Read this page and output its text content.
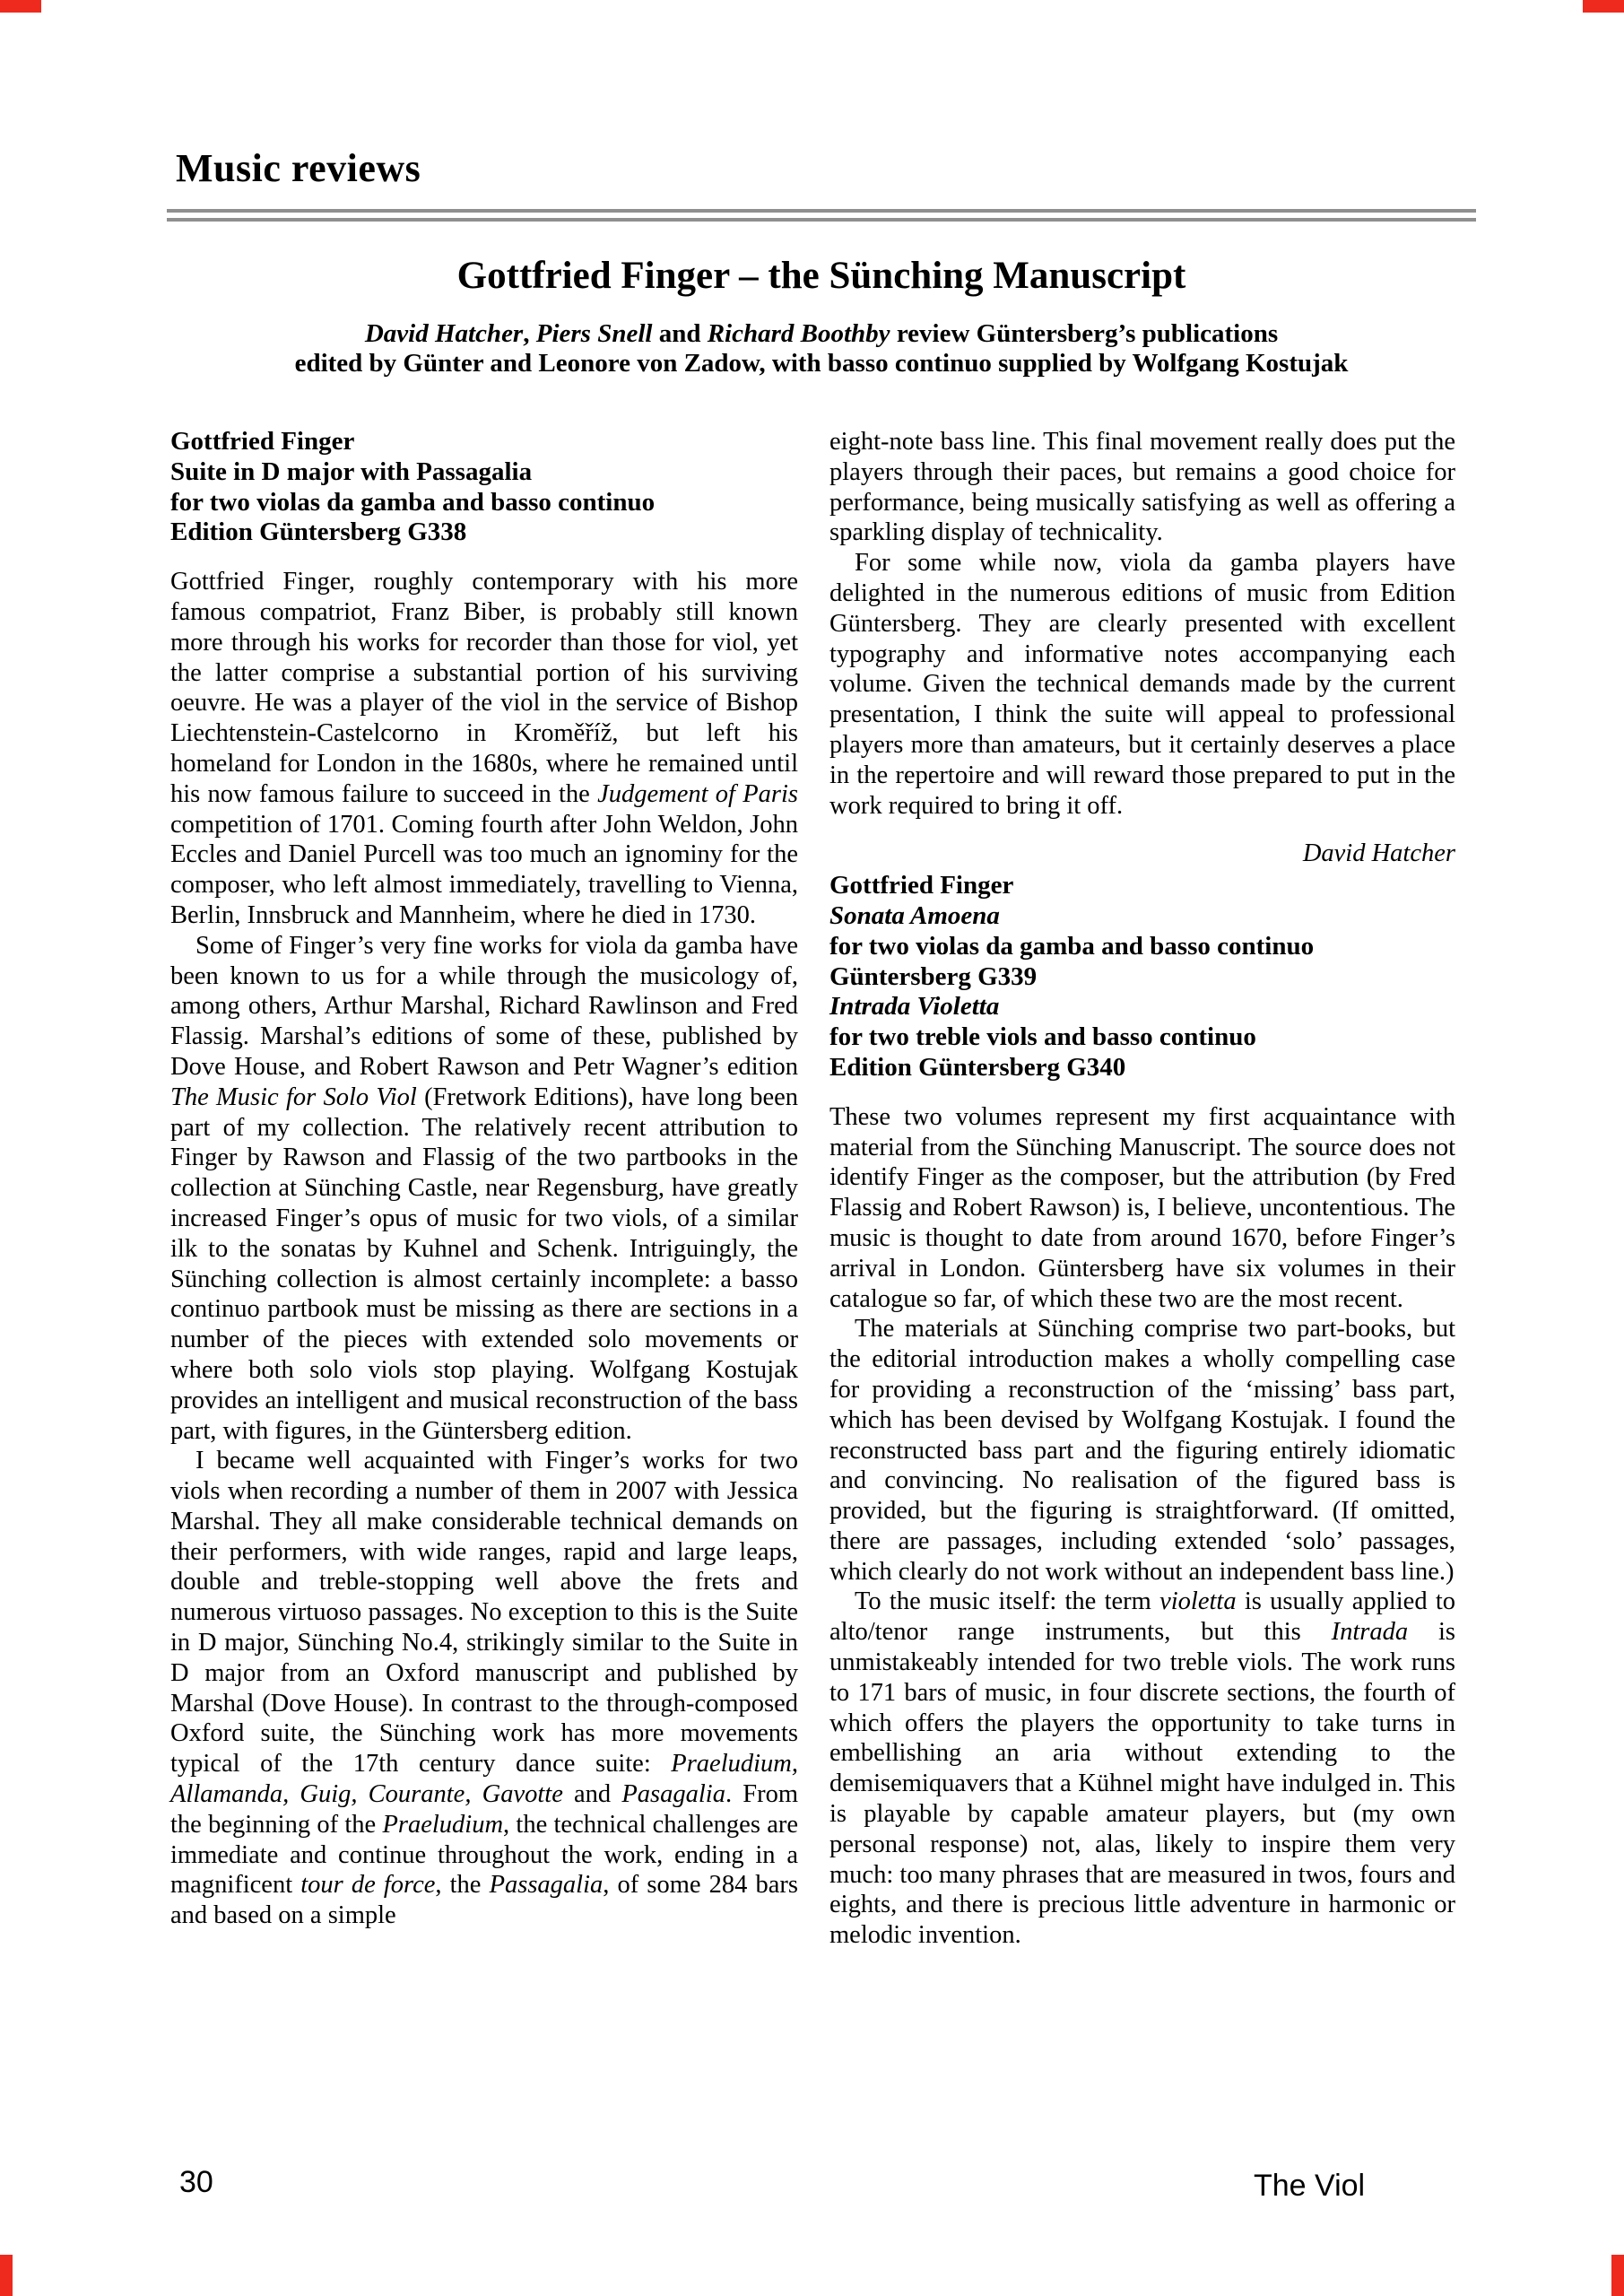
Music reviews
Gottfried Finger – the Sünching Manuscript
David Hatcher, Piers Snell and Richard Boothby review Güntersberg’s publications
edited by Günter and Leonore von Zadow, with basso continuo supplied by Wolfgang Kostujak
Gottfried Finger
Suite in D major with Passagalia
for two violas da gamba and basso continuo
Edition Güntersberg G338

Gottfried Finger, roughly contemporary with his more famous compatriot, Franz Biber, is probably still known more through his works for recorder than those for viol, yet the latter comprise a substantial portion of his surviving oeuvre. He was a player of the viol in the service of Bishop Liechtenstein-Castelcorno in Kroměříž, but left his homeland for London in the 1680s, where he remained until his now famous failure to succeed in the Judgement of Paris competition of 1701. Coming fourth after John Weldon, John Eccles and Daniel Purcell was too much an ignominy for the composer, who left almost immediately, travelling to Vienna, Berlin, Innsbruck and Mannheim, where he died in 1730.

Some of Finger’s very fine works for viola da gamba have been known to us for a while through the musicology of, among others, Arthur Marshal, Richard Rawlinson and Fred Flassig. Marshal’s editions of some of these, published by Dove House, and Robert Rawson and Petr Wagner’s edition The Music for Solo Viol (Fretwork Editions), have long been part of my collection. The relatively recent attribution to Finger by Rawson and Flassig of the two partbooks in the collection at Sünching Castle, near Regensburg, have greatly increased Finger’s opus of music for two viols, of a similar ilk to the sonatas by Kuhnel and Schenk. Intriguingly, the Sünching collection is almost certainly incomplete: a basso continuo partbook must be missing as there are sections in a number of the pieces with extended solo movements or where both solo viols stop playing. Wolfgang Kostujak provides an intelligent and musical reconstruction of the bass part, with figures, in the Güntersberg edition.

I became well acquainted with Finger’s works for two viols when recording a number of them in 2007 with Jessica Marshal. They all make considerable technical demands on their performers, with wide ranges, rapid and large leaps, double and treble-stopping well above the frets and numerous virtuoso passages. No exception to this is the Suite in D major, Sünching No.4, strikingly similar to the Suite in D major from an Oxford manuscript and published by Marshal (Dove House). In contrast to the through-composed Oxford suite, the Sünching work has more movements typical of the 17th century dance suite: Praeludium, Allamanda, Guig, Courante, Gavotte and Pasagalia. From the beginning of the Praeludium, the technical challenges are immediate and continue throughout the work, ending in a magnificent tour de force, the Passagalia, of some 284 bars and based on a simple

eight-note bass line. This final movement really does put the players through their paces, but remains a good choice for performance, being musically satisfying as well as offering a sparkling display of technicality.

For some while now, viola da gamba players have delighted in the numerous editions of music from Edition Güntersberg. They are clearly presented with excellent typography and informative notes accompanying each volume. Given the technical demands made by the current presentation, I think the suite will appeal to professional players more than amateurs, but it certainly deserves a place in the repertoire and will reward those prepared to put in the work required to bring it off.

David Hatcher
Gottfried Finger
Sonata Amoena
for two violas da gamba and basso continuo
Güntersberg G339
Intrada Violetta
for two treble viols and basso continuo
Edition Güntersberg G340

These two volumes represent my first acquaintance with material from the Sünching Manuscript. The source does not identify Finger as the composer, but the attribution (by Fred Flassig and Robert Rawson) is, I believe, uncontentious. The music is thought to date from around 1670, before Finger’s arrival in London. Güntersberg have six volumes in their catalogue so far, of which these two are the most recent.

The materials at Sünching comprise two part-books, but the editorial introduction makes a wholly compelling case for providing a reconstruction of the ‘missing’ bass part, which has been devised by Wolfgang Kostujak. I found the reconstructed bass part and the figuring entirely idiomatic and convincing. No realisation of the figured bass is provided, but the figuring is straightforward. (If omitted, there are passages, including extended ‘solo’ passages, which clearly do not work without an independent bass line.)

To the music itself: the term violetta is usually applied to alto/tenor range instruments, but this Intrada is unmistakeably intended for two treble viols. The work runs to 171 bars of music, in four discrete sections, the fourth of which offers the players the opportunity to take turns in embellishing an aria without extending to the demisemiquavers that a Kühnel might have indulged in. This is playable by capable amateur players, but (my own personal response) not, alas, likely to inspire them very much: too many phrases that are measured in twos, fours and eights, and there is precious little adventure in harmonic or melodic invention.

30	The Viol
